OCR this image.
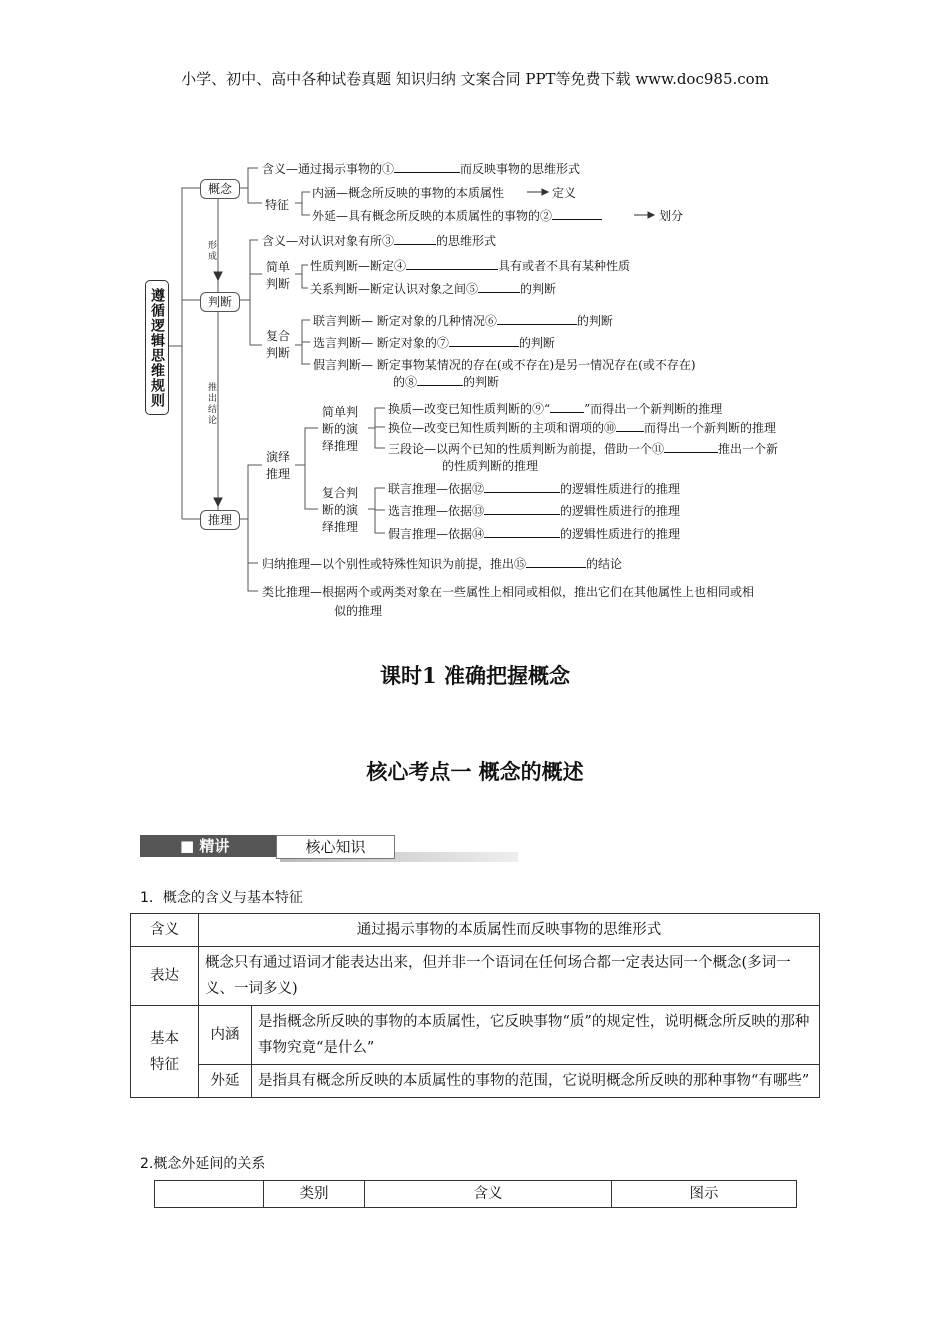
小学、初中、高中各种试卷真题 知识归纳 文案合同 PPT等免费下载 www.doc985.com
遵循逻辑思维规则
概念
判断
推理
形成
推出结论
含义—通过揭示事物的①	而反映事物的思维形式
特征
内涵—概念所反映的事物的本质属性	定义
外延—具有概念所反映的本质属性的事物的②	划分
含义—对认识对象有所③	的思维形式
简单判断
性质判断—断定④	具有或者不具有某种性质
关系判断—断定认识对象之间⑤	的判断
复合判断
联言判断— 断定对象的几种情况⑥	的判断
选言判断— 断定对象的⑦	的判断
假言判断— 断定事物某情况的存在(或不存在)是另一情况存在(或不存在)
的⑧	的判断
演绎推理
简单判断的演绎推理
换质—改变已知性质判断的⑨“	”而得出一个新判断的推理
换位—改变已知性质判断的主项和谓项的⑩ 而得出一个新判断的推理
三段论—以两个已知的性质判断为前提，借助一个⑪	推出一个新
的性质判断的推理
复合判断的演绎推理
联言推理—依据⑫	的逻辑性质进行的推理
选言推理—依据⑬	的逻辑性质进行的推理
假言推理—依据⑭	的逻辑性质进行的推理
归纳推理—以个别性或特殊性知识为前提，推出⑮	的结论
类比推理—根据两个或两类对象在一些属性上相同或相似，推出它们在其他属性上也相同或相
似的推理
课时1 准确把握概念
核心考点一 概念的概述
■ 精讲	核心知识
1．概念的含义与基本特征
含义	通过揭示事物的本质属性而反映事物的思维形式	
表达	概念只有通过语词才能表达出来，但并非一个语词在任何场合都一定表达同一个概念(多词一义、一词多义)	
基本特征	内涵	是指概念所反映的事物的本质属性，它反映事物“质”的规定性，说明概念所反映的那种事物究竟“是什么”
	外延	是指具有概念所反映的本质属性的事物的范围，它说明概念所反映的那种事物“有哪些”
2.概念外延间的关系
	类别	含义	图示
